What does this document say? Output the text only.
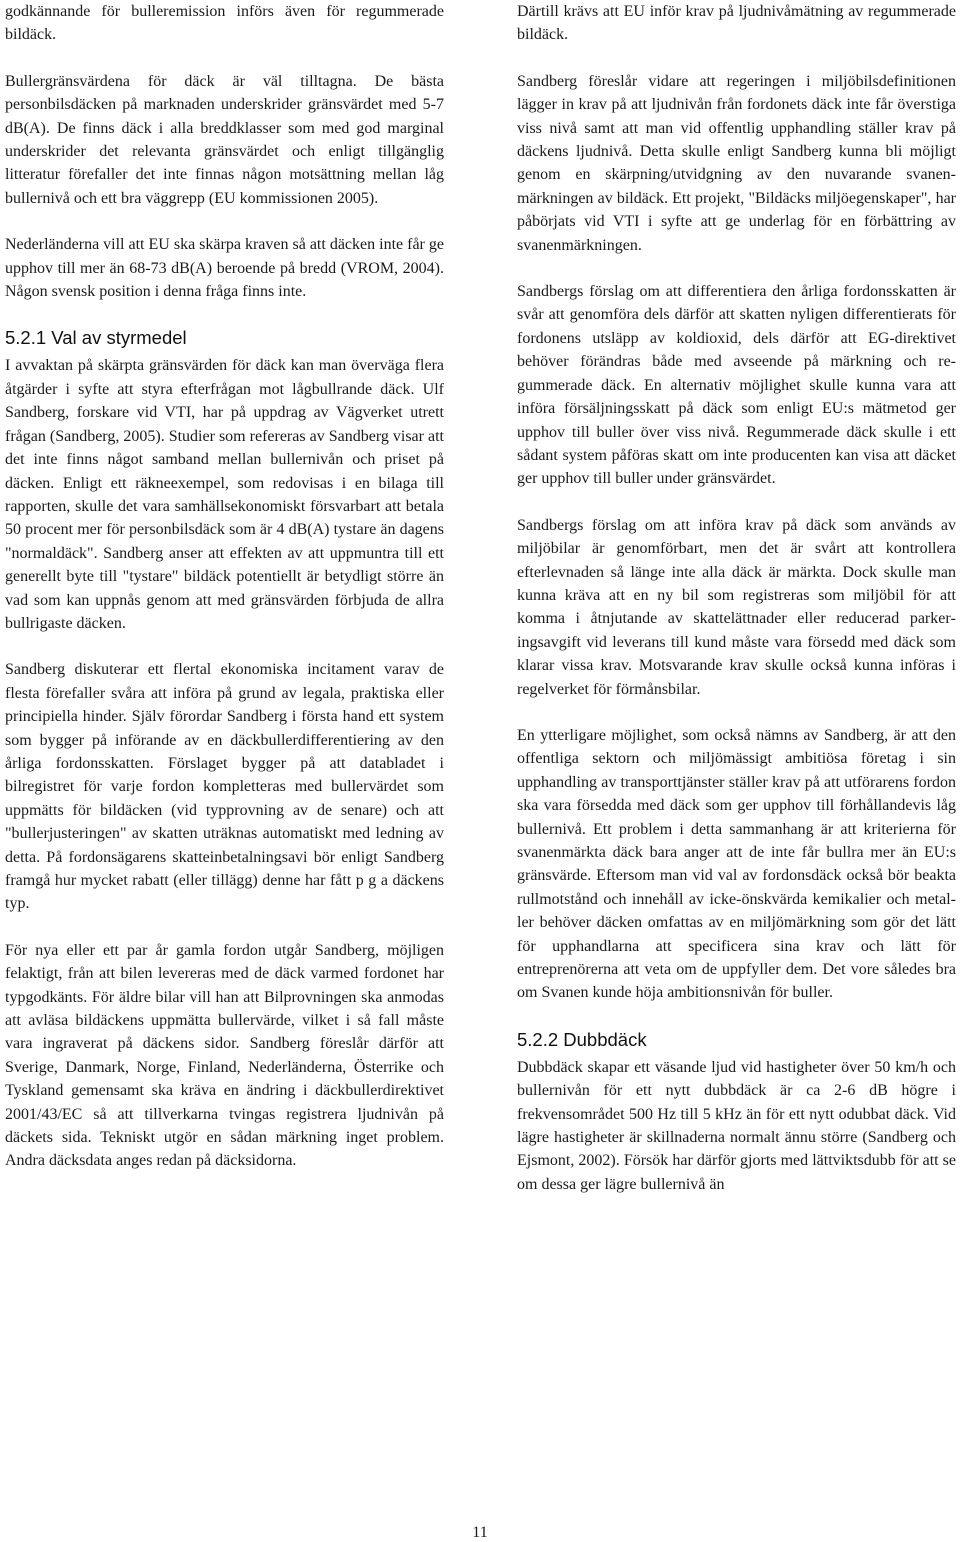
godkännande för bulleremission införs även för regummerade bildäck.

Bullergränsvärdena för däck är väl tilltagna. De bästa personbilsdäcken på marknaden underskrider gränsvärdet med 5-7 dB(A). De finns däck i alla breddklasser som med god marginal underskrider det relevanta gränsvärdet och enligt tillgänglig litteratur förefaller det inte finnas någon motsättning mellan låg bullernivå och ett bra väggrepp (EU kommissionen 2005).

Nederländerna vill att EU ska skärpa kraven så att däcken inte får ge upphov till mer än 68-73 dB(A) beroende på bredd (VROM, 2004). Någon svensk position i denna fråga finns inte.

5.2.1 Val av styrmedel

I avvaktan på skärpta gränsvärden för däck kan man överväga flera åtgärder i syfte att styra efterfrågan mot lågbullrande däck. Ulf Sandberg, forskare vid VTI, har på uppdrag av Vägverket utrett frågan (Sandberg, 2005). Studier som refereras av Sandberg visar att det inte finns något samband mellan bullernivån och priset på däcken. Enligt ett räkneexempel, som redovisas i en bilaga till rapporten, skulle det vara samhällsekonomiskt försvarbart att betala 50 procent mer för personbilsdäck som är 4 dB(A) tystare än dagens "normaldäck". Sandberg anser att effekten av att uppmuntra till ett generellt byte till "tystare" bildäck potentiellt är betydligt större än vad som kan uppnås genom att med gränsvärden förbjuda de allra bullrigaste däcken.

Sandberg diskuterar ett flertal ekonomiska incitament varav de flesta förefaller svåra att införa på grund av legala, praktiska eller principiella hinder. Själv förordar Sandberg i första hand ett system som bygger på införande av en däckbullerdifferentiering av den årliga fordonsskatten. Förslaget bygger på att databladet i bilregistret för varje fordon kompletteras med bullervärdet som uppmätts för bildäcken (vid typprovning av de senare) och att "bullerjusteringen" av skatten uträknas automatiskt med ledning av detta. På fordonsägarens skatteinbetalningsavi bör enligt Sandberg framgå hur mycket rabatt (eller tillägg) denne har fått p g a däckens typ.

För nya eller ett par år gamla fordon utgår Sandberg, möjligen felaktigt, från att bilen levereras med de däck varmed fordonet har typgodkänts. För äldre bilar vill han att Bilprovningen ska anmodas att avläsa bildäckens uppmätta bullervärde, vilket i så fall måste vara ingraverat på däckens sidor. Sandberg föreslår därför att Sverige, Danmark, Norge, Finland, Nederländerna, Österrike och Tyskland gemensamt ska kräva en ändring i däckbullerdirektivet 2001/43/EC så att tillverkarna tvingas registrera ljudnivån på däckets sida. Tekniskt utgör en sådan märkning inget problem. Andra däcksdata anges redan på däcksidorna.

Därtill krävs att EU inför krav på ljudnivåmätning av regummerade bildäck.

Sandberg föreslår vidare att regeringen i miljöbilsdefinitionen lägger in krav på att ljudnivån från fordonets däck inte får överstiga viss nivå samt att man vid offentlig upphandling ställer krav på däckens ljudnivå. Detta skulle enligt Sandberg kunna bli möjligt genom en skärpning/utvidgning av den nuvarande svanenmärkningen av bildäck. Ett projekt, "Bildäcks miljöegenskaper", har påbörjats vid VTI i syfte att ge underlag för en förbättring av svanenmärkningen.

Sandbergs förslag om att differentiera den årliga fordonsskatten är svår att genomföra dels därför att skatten nyligen differentierats för fordonens utsläpp av koldioxid, dels därför att EG-direktivet behöver förändras både med avseende på märkning och regummerade däck. En alternativ möjlighet skulle kunna vara att införa försäljningsskatt på däck som enligt EU:s mätmetod ger upphov till buller över viss nivå. Regummerade däck skulle i ett sådant system påföras skatt om inte producenten kan visa att däcket ger upphov till buller under gränsvärdet.

Sandbergs förslag om att införa krav på däck som används av miljöbilar är genomförbart, men det är svårt att kontrollera efterlevnaden så länge inte alla däck är märkta. Dock skulle man kunna kräva att en ny bil som registreras som miljöbil för att komma i åtnjutande av skattelättnader eller reducerad parkeringsavgift vid leverans till kund måste vara försedd med däck som klarar vissa krav. Motsvarande krav skulle också kunna införas i regelverket för förmånsbilar.

En ytterligare möjlighet, som också nämns av Sandberg, är att den offentliga sektorn och miljömässigt ambitiösa företag i sin upphandling av transporttjänster ställer krav på att utförarens fordon ska vara försedda med däck som ger upphov till förhållandevis låg bullernivå. Ett problem i detta sammanhang är att kriterierna för svanenmärkta däck bara anger att de inte får bullra mer än EU:s gränsvärde. Eftersom man vid val av fordonsdäck också bör beakta rullmotstånd och innehåll av icke-önskvärda kemikalier och metaller behöver däcken omfattas av en miljömärkning som gör det lätt för upphandlarna att specificera sina krav och lätt för entreprenörerna att veta om de uppfyller dem. Det vore således bra om Svanen kunde höja ambitionsnivån för buller.

5.2.2 Dubbdäck

Dubbdäck skapar ett väsande ljud vid hastigheter över 50 km/h och bullernivån för ett nytt dubbdäck är ca 2-6 dB högre i frekvensområdet 500 Hz till 5 kHz än för ett nytt odubbat däck. Vid lägre hastigheter är skillnaderna normalt ännu större (Sandberg och Ejsmont, 2002). Försök har därför gjorts med lättviktsdubb för att se om dessa ger lägre bullernivå än

11
